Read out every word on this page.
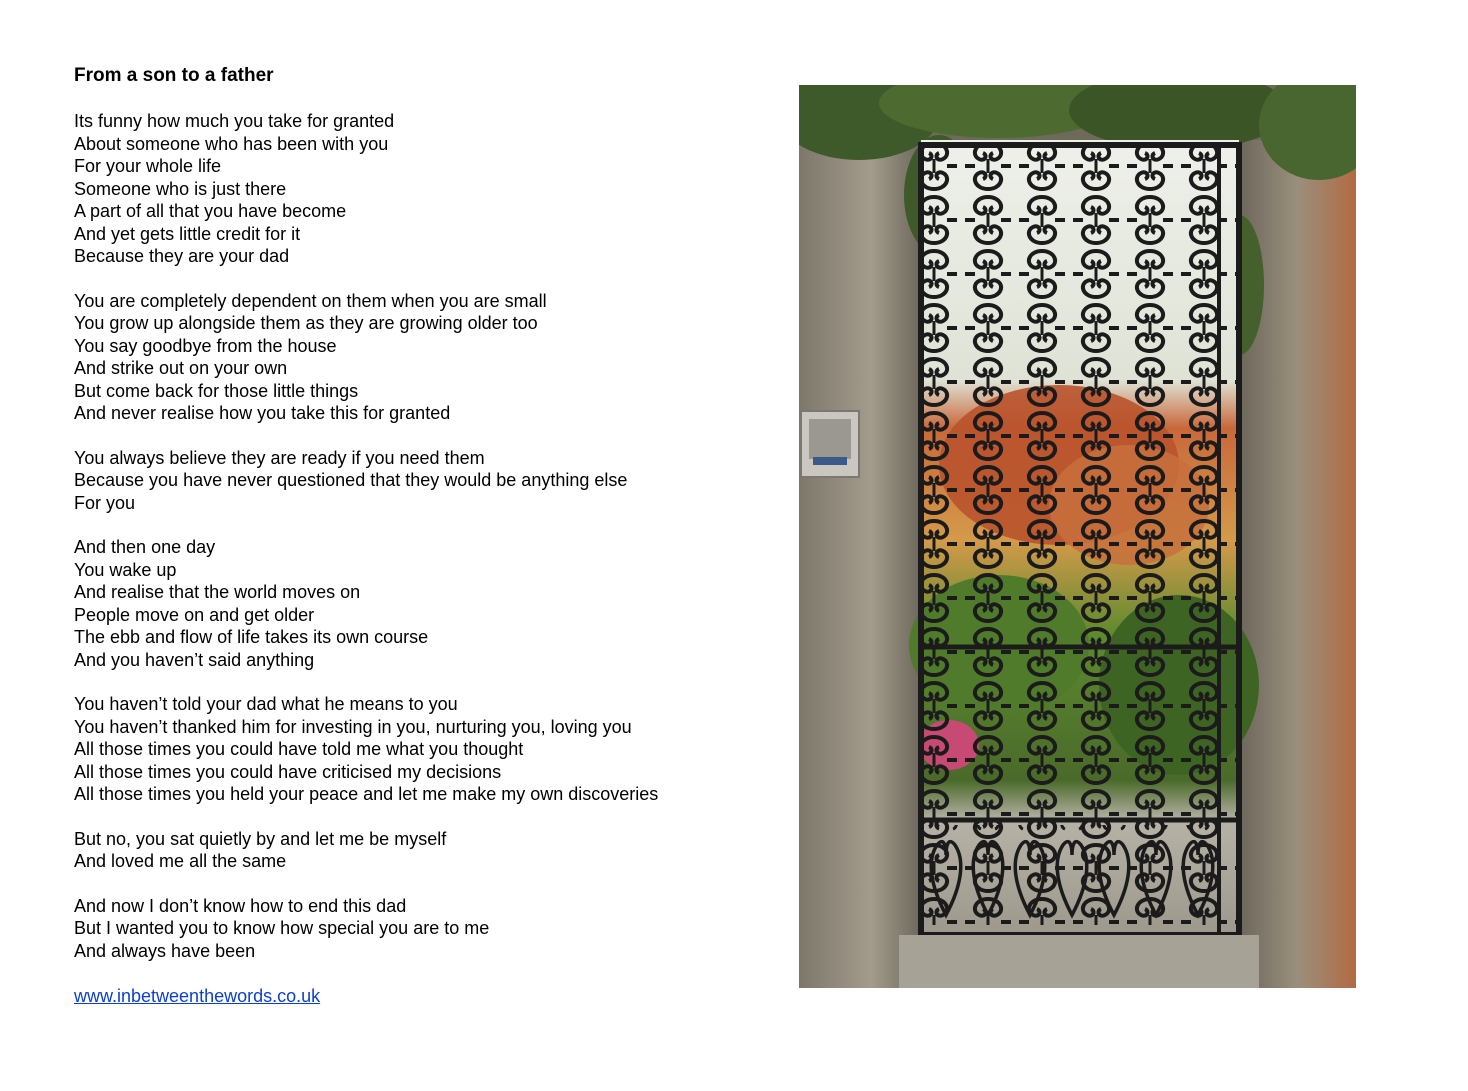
From a son to a father
Its funny how much you take for granted
About someone who has been with you
For your whole life
Someone who is just there
A part of all that you have become
And yet gets little credit for it
Because they are your dad
You are completely dependent on them when you are small
You grow up alongside them as they are growing older too
You say goodbye from the house
And strike out on your own
But come back for those little things
And never realise how you take this for granted
You always believe they are ready if you need them
Because you have never questioned that they would be anything else
For you
And then one day
You wake up
And realise that the world moves on
People move on and get older
The ebb and flow of life takes its own course
And you haven’t said anything
You haven’t told your dad what he means to you
You haven’t thanked him for investing in you, nurturing you, loving you
All those times you could have told me what you thought
All those times you could have criticised my decisions
All those times you held your peace and let me make my own discoveries
But no, you sat quietly by and let me be myself
And loved me all the same
And now I don’t know how to end this dad
But I wanted you to know how special you are to me
And always have been
www.inbetweenthewords.co.uk
